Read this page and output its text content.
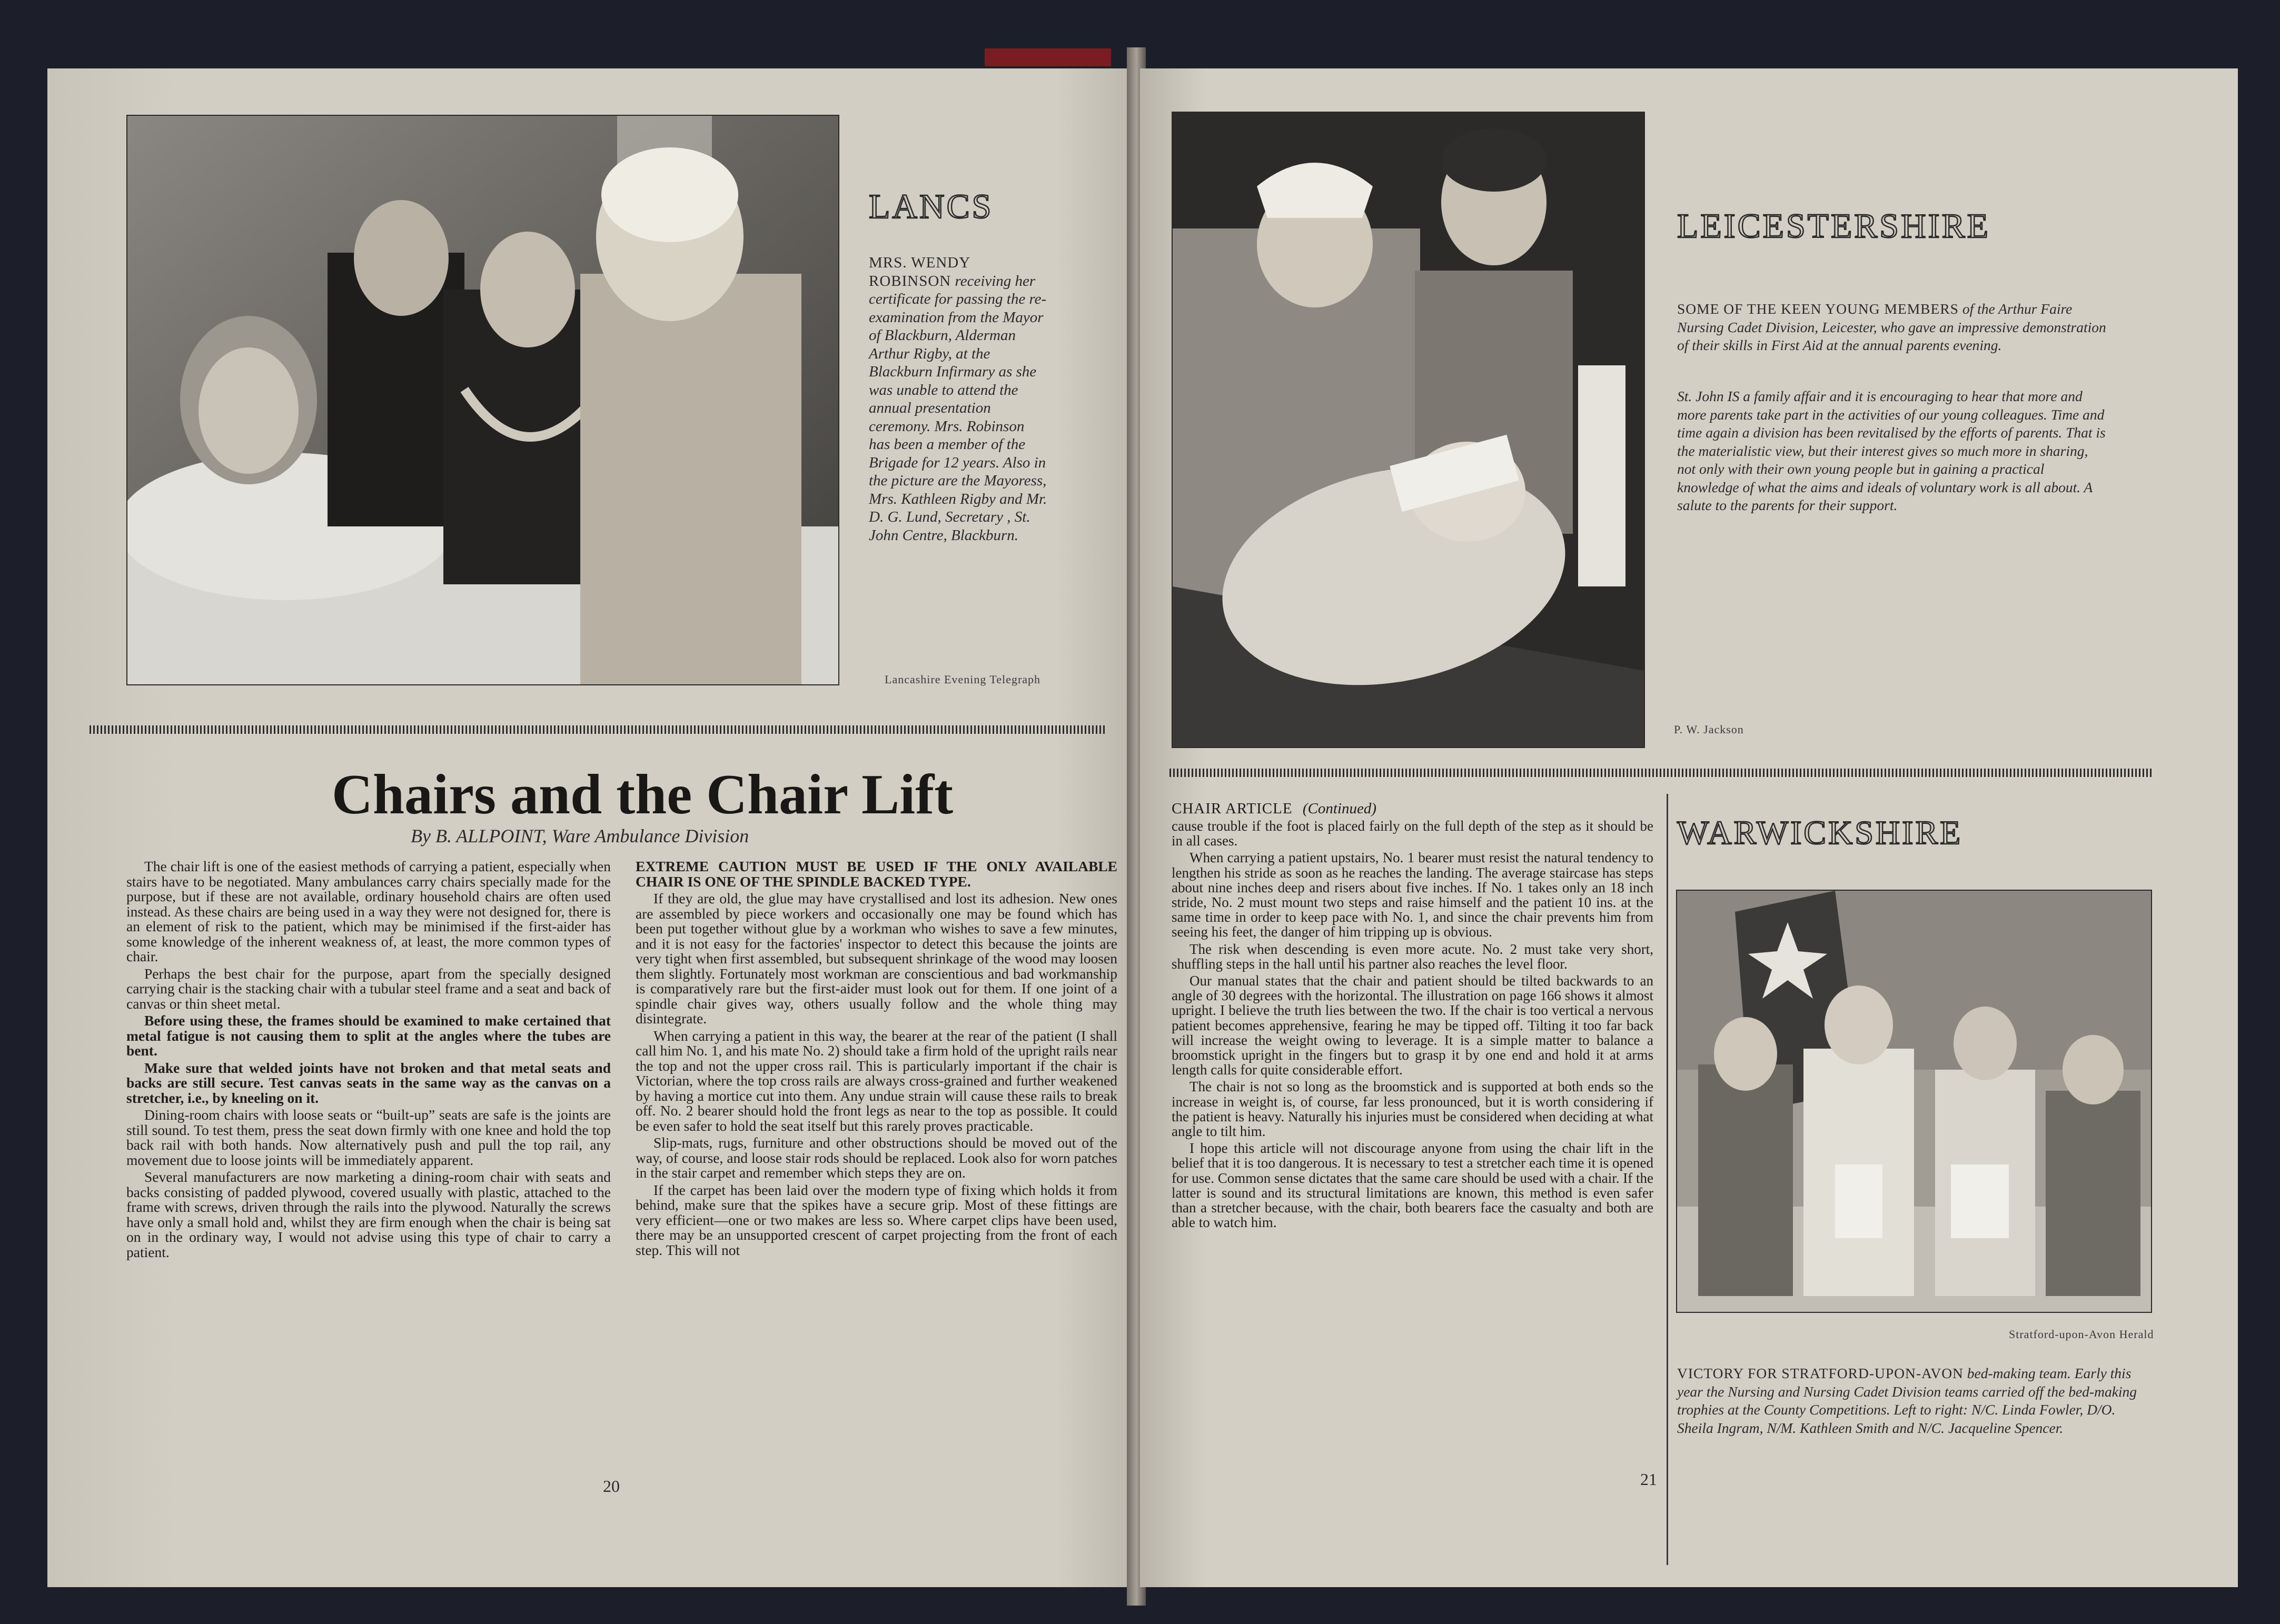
LANCS
MRS. WENDY ROBINSON receiving her certificate for passing the re-examination from the Mayor of Blackburn, Alderman Arthur Rigby, at the Blackburn Infirmary as she was unable to attend the annual presentation ceremony. Mrs. Robinson has been a member of the Brigade for 12 years. Also in the picture are the Mayoress, Mrs. Kathleen Rigby and Mr. D. G. Lund, Secretary , St. John Centre, Blackburn.
Lancashire Evening Telegraph
Chairs and the Chair Lift
By B. ALLPOINT, Ware Ambulance Division

The chair lift is one of the easiest methods of carrying a patient, especially when stairs have to be negotiated. Many ambulances carry chairs specially made for the purpose, but if these are not available, ordinary household chairs are often used instead. As these chairs are being used in a way they were not designed for, there is an element of risk to the patient, which may be minimised if the first-aider has some knowledge of the inherent weakness of, at least, the more common types of chair.

Perhaps the best chair for the purpose, apart from the specially designed carrying chair is the stacking chair with a tubular steel frame and a seat and back of canvas or thin sheet metal.

Before using these, the frames should be examined to make certained that metal fatigue is not causing them to split at the angles where the tubes are bent.

Make sure that welded joints have not broken and that metal seats and backs are still secure. Test canvas seats in the same way as the canvas on a stretcher, i.e., by kneeling on it.

Dining-room chairs with loose seats or “built-up” seats are safe is the joints are still sound. To test them, press the seat down firmly with one knee and hold the top back rail with both hands. Now alternatively push and pull the top rail, any movement due to loose joints will be immediately apparent.

Several manufacturers are now marketing a dining-room chair with seats and backs consisting of padded plywood, covered usually with plastic, attached to the frame with screws, driven through the rails into the plywood. Naturally the screws have only a small hold and, whilst they are firm enough when the chair is being sat on in the ordinary way, I would not advise using this type of chair to carry a patient.

EXTREME CAUTION MUST BE USED IF THE ONLY AVAILABLE CHAIR IS ONE OF THE SPINDLE BACKED TYPE.

If they are old, the glue may have crystallised and lost its adhesion. New ones are assembled by piece workers and occasionally one may be found which has been put together without glue by a workman who wishes to save a few minutes, and it is not easy for the factories' inspector to detect this because the joints are very tight when first assembled, but subsequent shrinkage of the wood may loosen them slightly. Fortunately most workman are conscientious and bad workmanship is comparatively rare but the first-aider must look out for them. If one joint of a spindle chair gives way, others usually follow and the whole thing may disintegrate.

When carrying a patient in this way, the bearer at the rear of the patient (I shall call him No. 1, and his mate No. 2) should take a firm hold of the upright rails near the top and not the upper cross rail. This is particularly important if the chair is Victorian, where the top cross rails are always cross-grained and further weakened by having a mortice cut into them. Any undue strain will cause these rails to break off. No. 2 bearer should hold the front legs as near to the top as possible. It could be even safer to hold the seat itself but this rarely proves practicable.

Slip-mats, rugs, furniture and other obstructions should be moved out of the way, of course, and loose stair rods should be replaced. Look also for worn patches in the stair carpet and remember which steps they are on.

If the carpet has been laid over the modern type of fixing which holds it from behind, make sure that the spikes have a secure grip. Most of these fittings are very efficient—one or two makes are less so. Where carpet clips have been used, there may be an unsupported crescent of carpet projecting from the front of each step. This will not

20
LEICESTERSHIRE
SOME OF THE KEEN YOUNG MEMBERS of the Arthur Faire Nursing Cadet Division, Leicester, who gave an impressive demonstration of their skills in First Aid at the annual parents evening.
St. John IS a family affair and it is encouraging to hear that more and more parents take part in the activities of our young colleagues. Time and time again a division has been revitalised by the efforts of parents. That is the materialistic view, but their interest gives so much more in sharing, not only with their own young people but in gaining a practical knowledge of what the aims and ideals of voluntary work is all about. A salute to the parents for their support.
P. W. Jackson
CHAIR ARTICLE (Continued)

cause trouble if the foot is placed fairly on the full depth of the step as it should be in all cases.

When carrying a patient upstairs, No. 1 bearer must resist the natural tendency to lengthen his stride as soon as he reaches the landing. The average staircase has steps about nine inches deep and risers about five inches. If No. 1 takes only an 18 inch stride, No. 2 must mount two steps and raise himself and the patient 10 ins. at the same time in order to keep pace with No. 1, and since the chair prevents him from seeing his feet, the danger of him tripping up is obvious.

The risk when descending is even more acute. No. 2 must take very short, shuffling steps in the hall until his partner also reaches the level floor.

Our manual states that the chair and patient should be tilted backwards to an angle of 30 degrees with the horizontal. The illustration on page 166 shows it almost upright. I believe the truth lies between the two. If the chair is too vertical a nervous patient becomes apprehensive, fearing he may be tipped off. Tilting it too far back will increase the weight owing to leverage. It is a simple matter to balance a broomstick upright in the fingers but to grasp it by one end and hold it at arms length calls for quite considerable effort.

The chair is not so long as the broomstick and is supported at both ends so the increase in weight is, of course, far less pronounced, but it is worth considering if the patient is heavy. Naturally his injuries must be considered when deciding at what angle to tilt him.

I hope this article will not discourage anyone from using the chair lift in the belief that it is too dangerous. It is necessary to test a stretcher each time it is opened for use. Common sense dictates that the same care should be used with a chair. If the latter is sound and its structural limitations are known, this method is even safer than a stretcher because, with the chair, both bearers face the casualty and both are able to watch him.

WARWICKSHIRE
Stratford-upon-Avon Herald
VICTORY FOR STRATFORD-UPON-AVON bed-making team. Early this year the Nursing and Nursing Cadet Division teams carried off the bed-making trophies at the County Competitions. Left to right: N/C. Linda Fowler, D/O. Sheila Ingram, N/M. Kathleen Smith and N/C. Jacqueline Spencer.
21
